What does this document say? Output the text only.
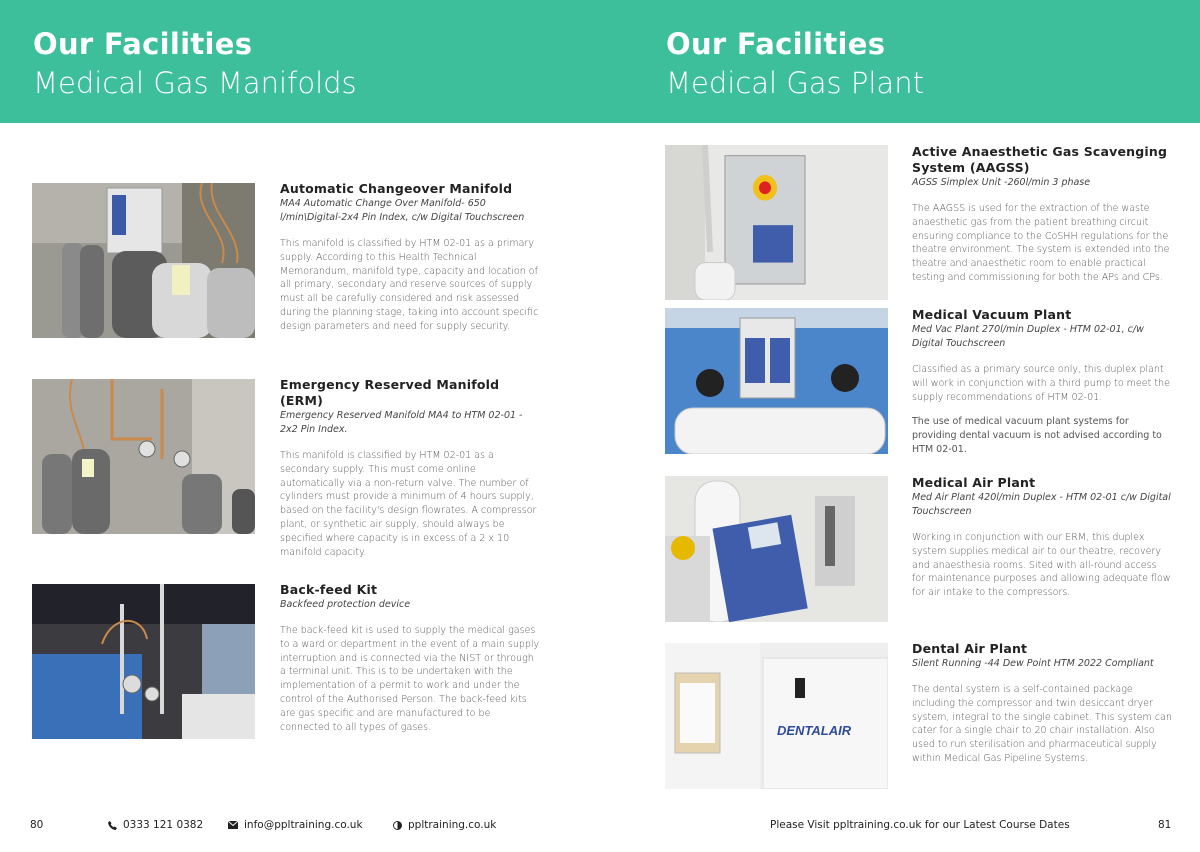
Our Facilities
Medical Gas Manifolds
Our Facilities
Medical Gas Plant
Automatic Changeover Manifold
MA4 Automatic Change Over Manifold- 650 l/min\Digital-2x4 Pin Index, c/w Digital Touchscreen
This manifold is classified by HTM 02-01 as a primary supply. According to this Health Technical Memorandum, manifold type, capacity and location of all primary, secondary and reserve sources of supply must all be carefully considered and risk assessed during the planning stage, taking into account specific design parameters and need for supply security.
Emergency Reserved Manifold (ERM)
Emergency Reserved Manifold MA4 to HTM 02-01 - 2x2 Pin Index.
This manifold is classified by HTM 02-01 as a secondary supply. This must come online automatically via a non-return valve. The number of cylinders must provide a minimum of 4 hours supply, based on the facility's design flowrates. A compressor plant, or synthetic air supply, should always be specified where capacity is in excess of a 2 x 10 manifold capacity.
Back-feed Kit
Backfeed protection device
The back-feed kit is used to supply the medical gases to a ward or department in the event of a main supply interruption and is connected via the NIST or through a terminal unit. This is to be undertaken with the implementation of a permit to work and under the control of the Authorised Person. The back-feed kits are gas specific and are manufactured to be connected to all types of gases.
Active Anaesthetic Gas Scavenging System (AAGSS)
AGSS Simplex Unit -260l/min 3 phase
The AAGSS is used for the extraction of the waste anaesthetic gas from the patient breathing circuit ensuring compliance to the CoSHH regulations for the theatre environment. The system is extended into the theatre and anaesthetic room to enable practical testing and commissioning for both the APs and CPs.
Medical Vacuum Plant
Med Vac Plant 270l/min Duplex - HTM 02-01, c/w Digital Touchscreen
Classified as a primary source only, this duplex plant will work in conjunction with a third pump to meet the supply recommendations of HTM 02-01.
The use of medical vacuum plant systems for providing dental vacuum is not advised according to HTM 02-01.
Medical Air Plant
Med Air Plant 420l/min Duplex - HTM 02-01 c/w Digital Touchscreen
Working in conjunction with our ERM, this duplex system supplies medical air to our theatre, recovery and anaesthesia rooms. Sited with all-round access for maintenance purposes and allowing adequate flow for air intake to the compressors.
DENTALAIR
Dental Air Plant
Silent Running -44 Dew Point HTM 2022 Compliant
The dental system is a self-contained package including the compressor and twin desiccant dryer system, integral to the single cabinet. This system can cater for a single chair to 20 chair installation. Also used to run sterilisation and pharmaceutical supply within Medical Gas Pipeline Systems.
80	0333 121 0382	info@ppltraining.co.uk	ppltraining.co.uk	Please Visit ppltraining.co.uk for our Latest Course Dates	81
